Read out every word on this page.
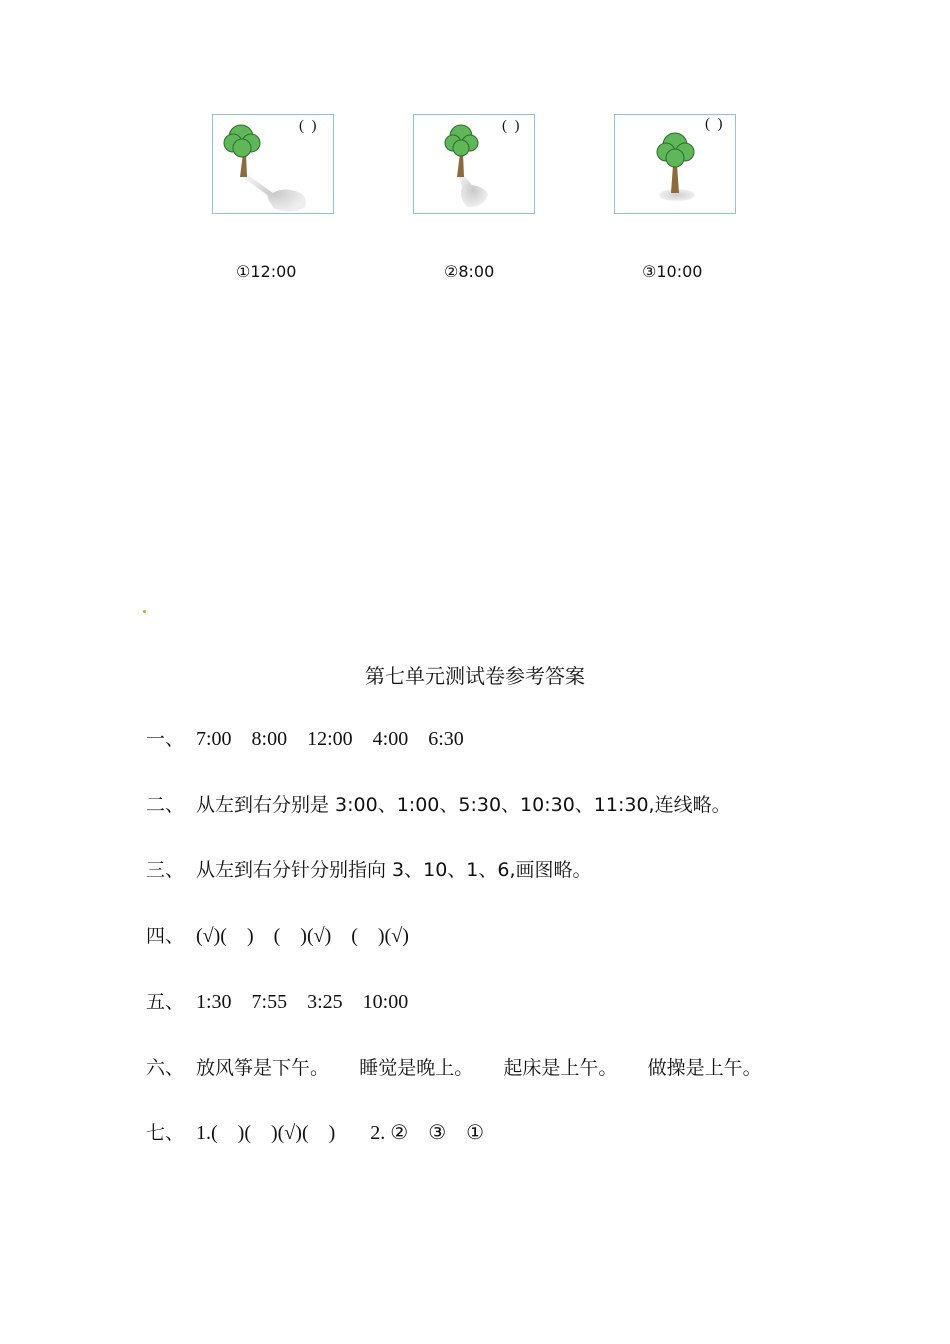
(  )	(  )	(  )
①12:00	②8:00	③10:00
第七单元测试卷参考答案
一、 7:00    8:00    12:00    4:00    6:30
二、 从左到右分别是 3:00、1:00、5:30、10:30、11:30,连线略。
三、 从左到右分针分别指向 3、10、1、6,画图略。
四、 (√)(    )    (    )(√)    (    )(√)
五、 1:30    7:55    3:25    10:00
六、 放风筝是下午。     睡觉是晚上。     起床是上午。     做操是上午。
七、 1.(    )(    )(√)(    )       2. ②    ③    ①
